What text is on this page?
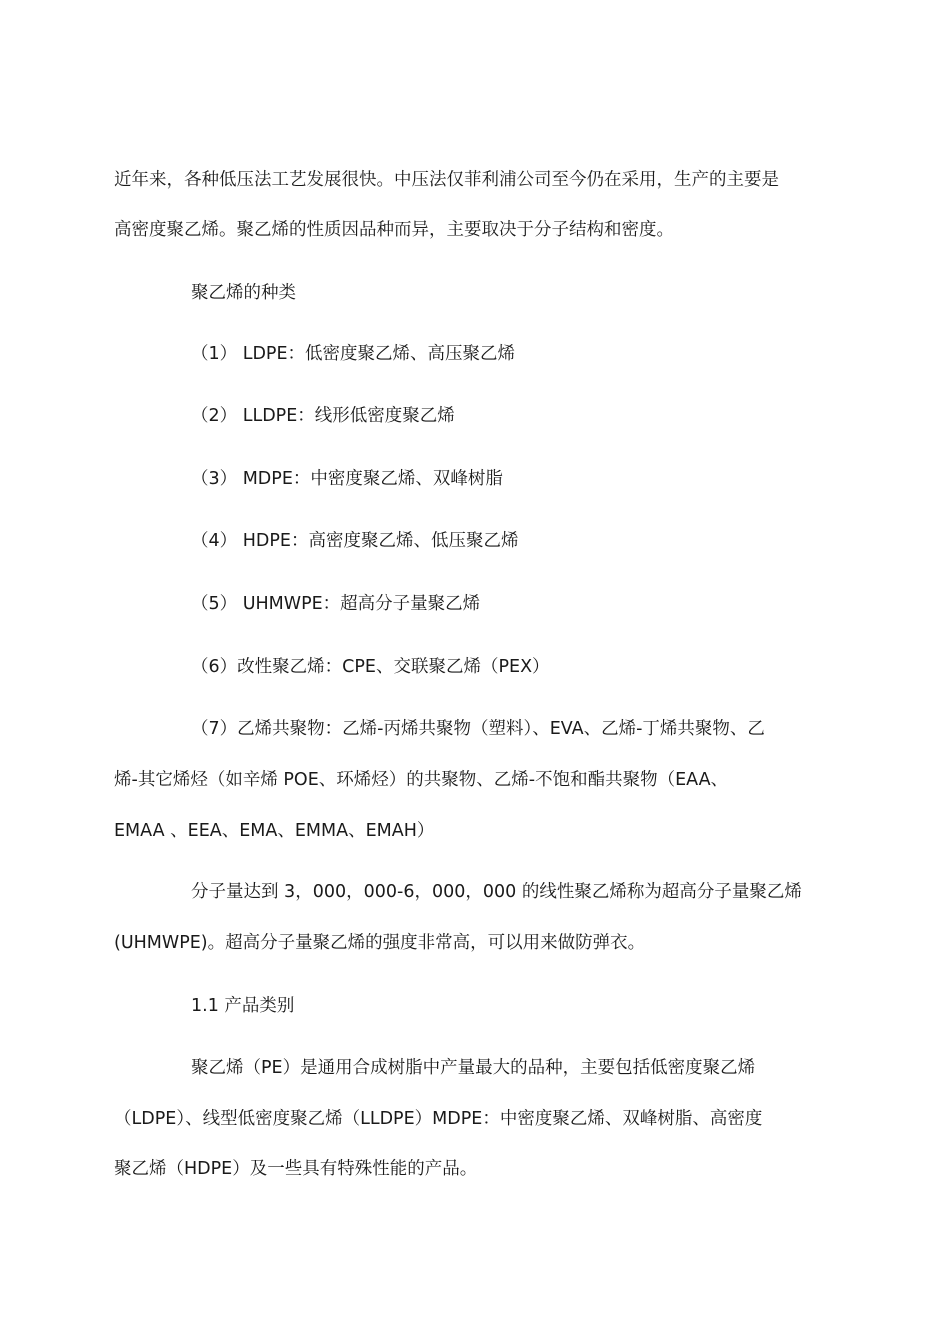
近年来，各种低压法工艺发展很快。中压法仅菲利浦公司至今仍在采用，生产的主要是
高密度聚乙烯。聚乙烯的性质因品种而异，主要取决于分子结构和密度。
聚乙烯的种类
（1） LDPE：低密度聚乙烯、高压聚乙烯
（2） LLDPE：线形低密度聚乙烯
（3） MDPE：中密度聚乙烯、双峰树脂
（4） HDPE：高密度聚乙烯、低压聚乙烯
（5） UHMWPE：超高分子量聚乙烯
（6）改性聚乙烯：CPE、交联聚乙烯（PEX）
（7）乙烯共聚物：乙烯-丙烯共聚物（塑料）、EVA、乙烯-丁烯共聚物、乙
烯-其它烯烃（如辛烯 POE、环烯烃）的共聚物、乙烯-不饱和酯共聚物（EAA、
EMAA 、EEA、EMA、EMMA、EMAH）
分子量达到 3，000，000-6，000，000 的线性聚乙烯称为超高分子量聚乙烯
(UHMWPE)。超高分子量聚乙烯的强度非常高，可以用来做防弹衣。
1.1 产品类别
聚乙烯（PE）是通用合成树脂中产量最大的品种，主要包括低密度聚乙烯
（LDPE）、线型低密度聚乙烯（LLDPE）MDPE：中密度聚乙烯、双峰树脂、高密度
聚乙烯（HDPE）及一些具有特殊性能的产品。
